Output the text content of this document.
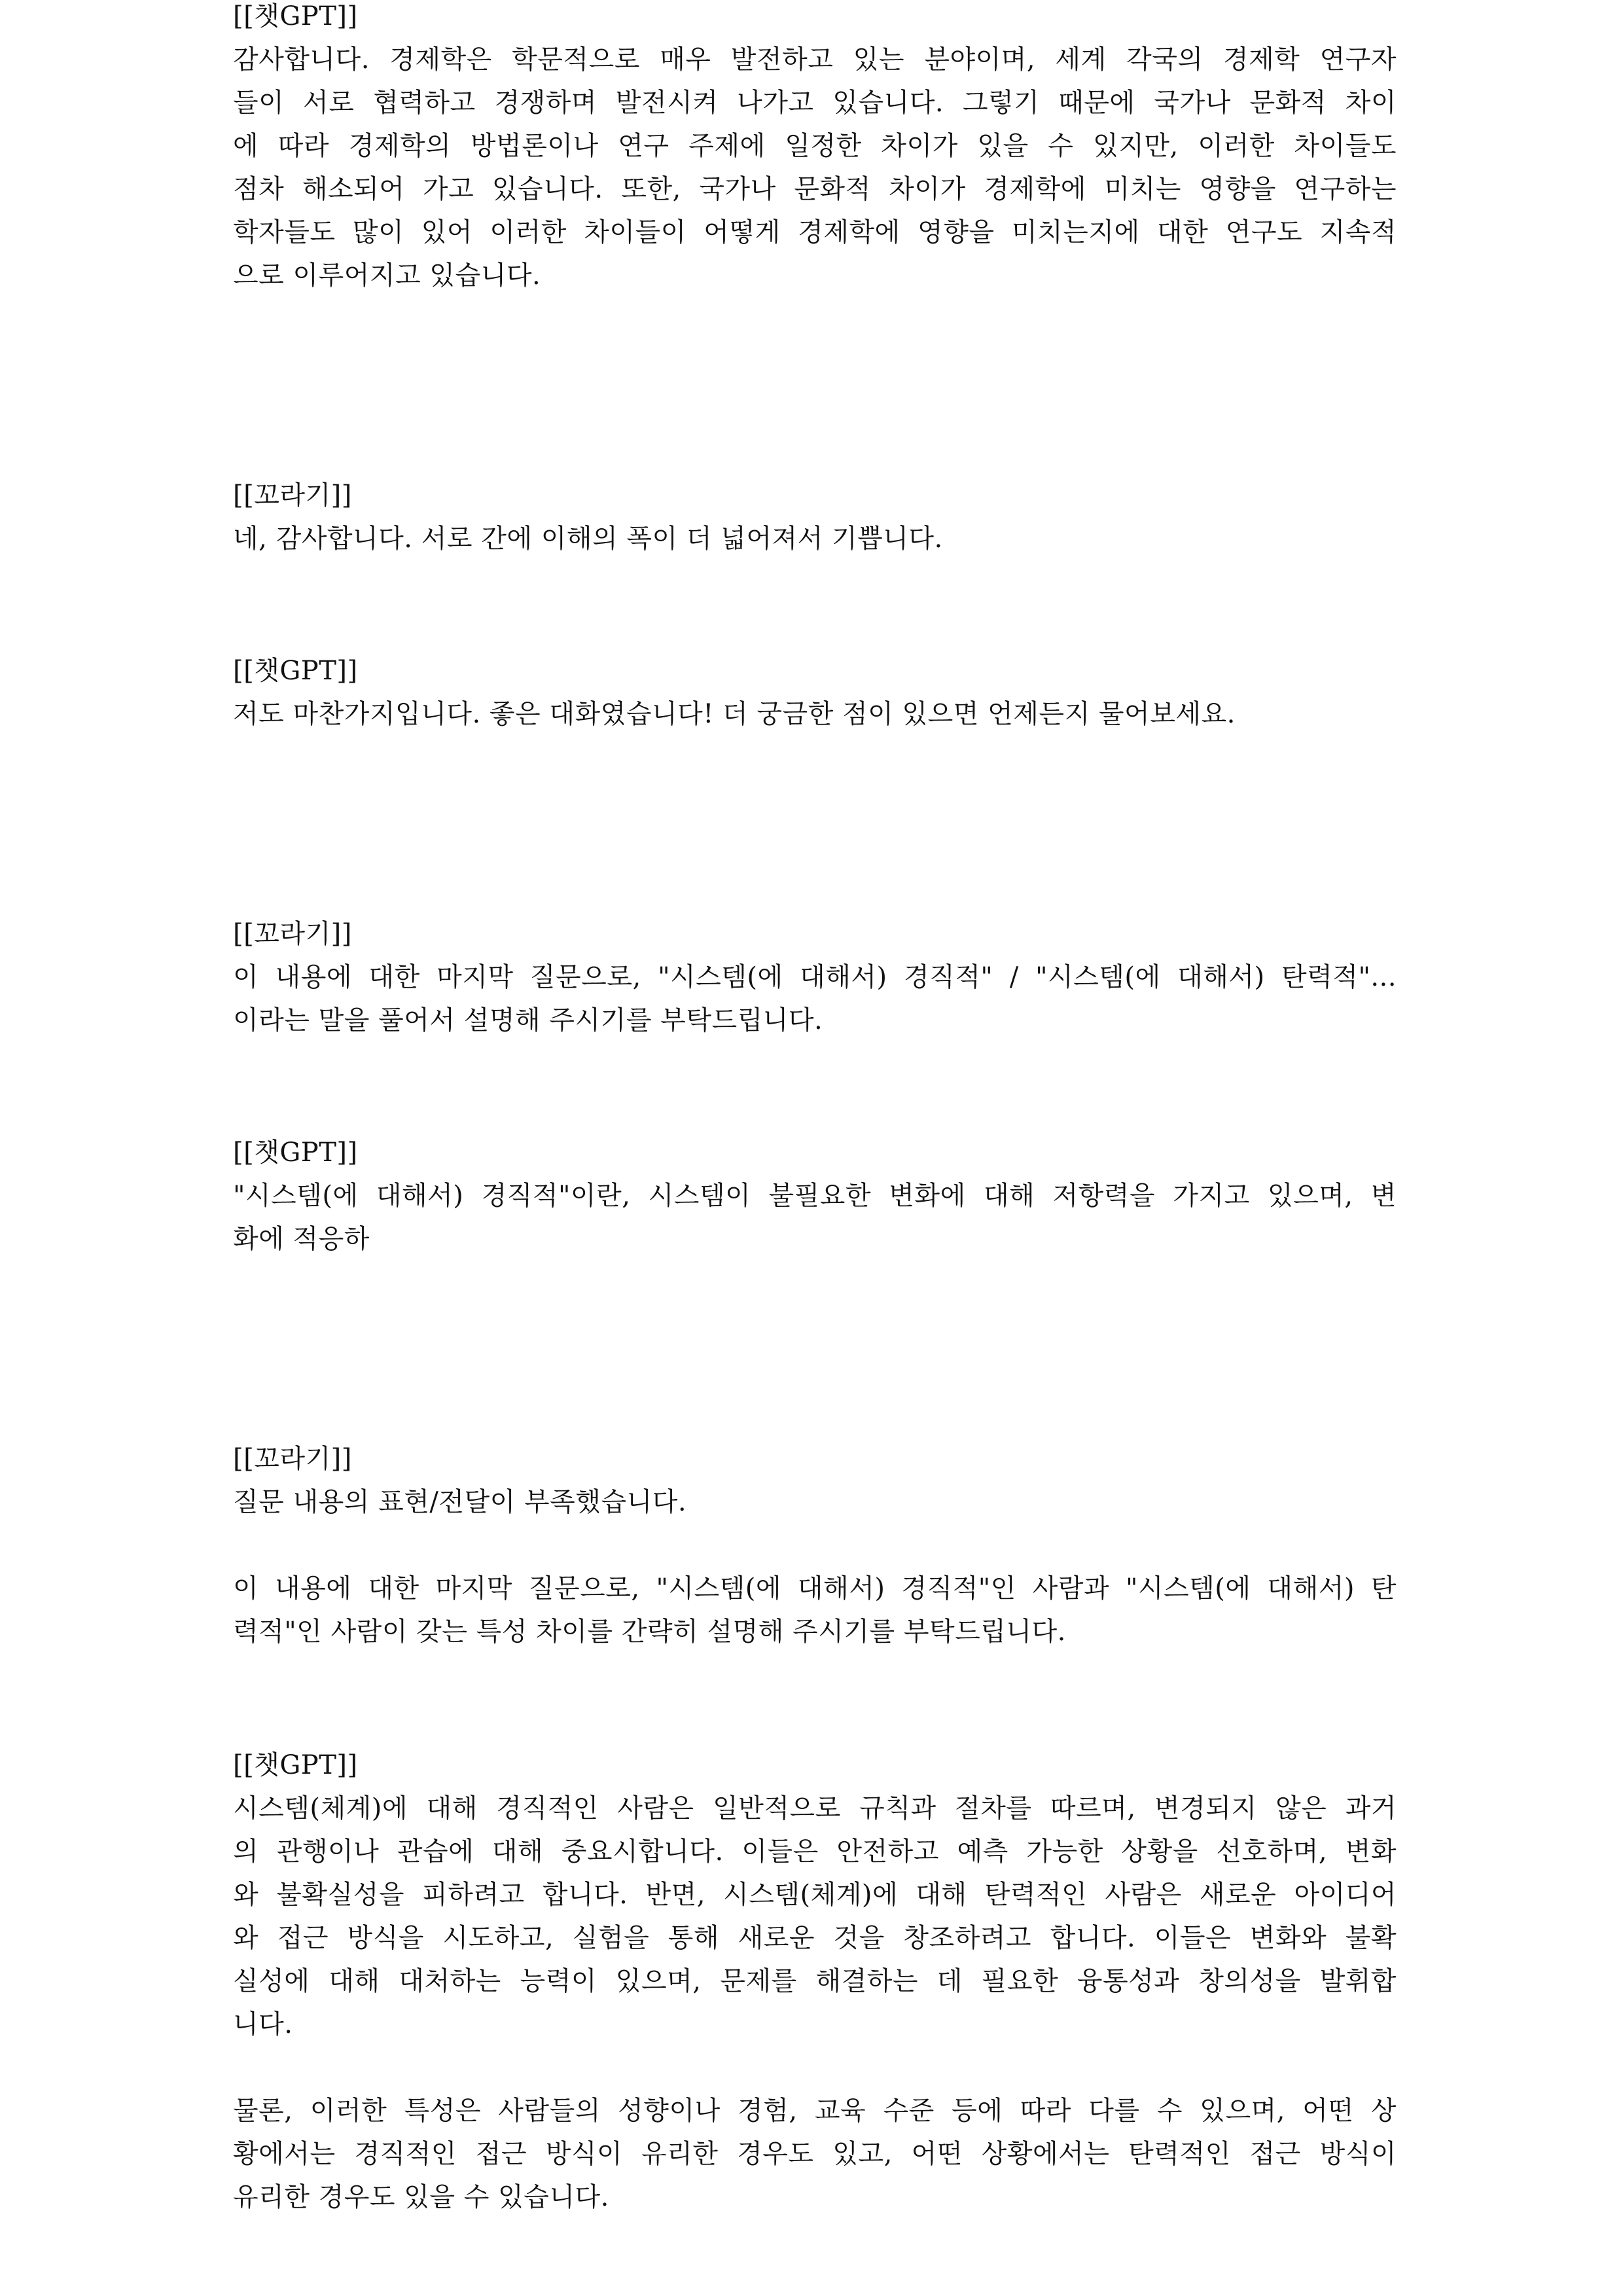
[[챗GPT]]
감사합니다. 경제학은 학문적으로 매우 발전하고 있는 분야이며, 세계 각국의 경제학 연구자
들이 서로 협력하고 경쟁하며 발전시켜 나가고 있습니다. 그렇기 때문에 국가나 문화적 차이
에 따라 경제학의 방법론이나 연구 주제에 일정한 차이가 있을 수 있지만, 이러한 차이들도
점차 해소되어 가고 있습니다. 또한, 국가나 문화적 차이가 경제학에 미치는 영향을 연구하는
학자들도 많이 있어 이러한 차이들이 어떻게 경제학에 영향을 미치는지에 대한 연구도 지속적
으로 이루어지고 있습니다.
[[꼬라기]]
네, 감사합니다. 서로 간에 이해의 폭이 더 넓어져서 기쁩니다.
[[챗GPT]]
저도 마찬가지입니다. 좋은 대화였습니다! 더 궁금한 점이 있으면 언제든지 물어보세요.
[[꼬라기]]
이 내용에 대한 마지막 질문으로, "시스템(에 대해서) 경직적" / "시스템(에 대해서) 탄력적"...
이라는 말을 풀어서 설명해 주시기를 부탁드립니다.
[[챗GPT]]
"시스템(에 대해서) 경직적"이란, 시스템이 불필요한 변화에 대해 저항력을 가지고 있으며, 변
화에 적응하
[[꼬라기]]
질문 내용의 표현/전달이 부족했습니다.
이 내용에 대한 마지막 질문으로, "시스템(에 대해서) 경직적"인 사람과 "시스템(에 대해서) 탄
력적"인 사람이 갖는 특성 차이를 간략히 설명해 주시기를 부탁드립니다.
[[챗GPT]]
시스템(체계)에 대해 경직적인 사람은 일반적으로 규칙과 절차를 따르며, 변경되지 않은 과거
의 관행이나 관습에 대해 중요시합니다. 이들은 안전하고 예측 가능한 상황을 선호하며, 변화
와 불확실성을 피하려고 합니다. 반면, 시스템(체계)에 대해 탄력적인 사람은 새로운 아이디어
와 접근 방식을 시도하고, 실험을 통해 새로운 것을 창조하려고 합니다. 이들은 변화와 불확
실성에 대해 대처하는 능력이 있으며, 문제를 해결하는 데 필요한 융통성과 창의성을 발휘합
니다.
물론, 이러한 특성은 사람들의 성향이나 경험, 교육 수준 등에 따라 다를 수 있으며, 어떤 상
황에서는 경직적인 접근 방식이 유리한 경우도 있고, 어떤 상황에서는 탄력적인 접근 방식이
유리한 경우도 있을 수 있습니다.
